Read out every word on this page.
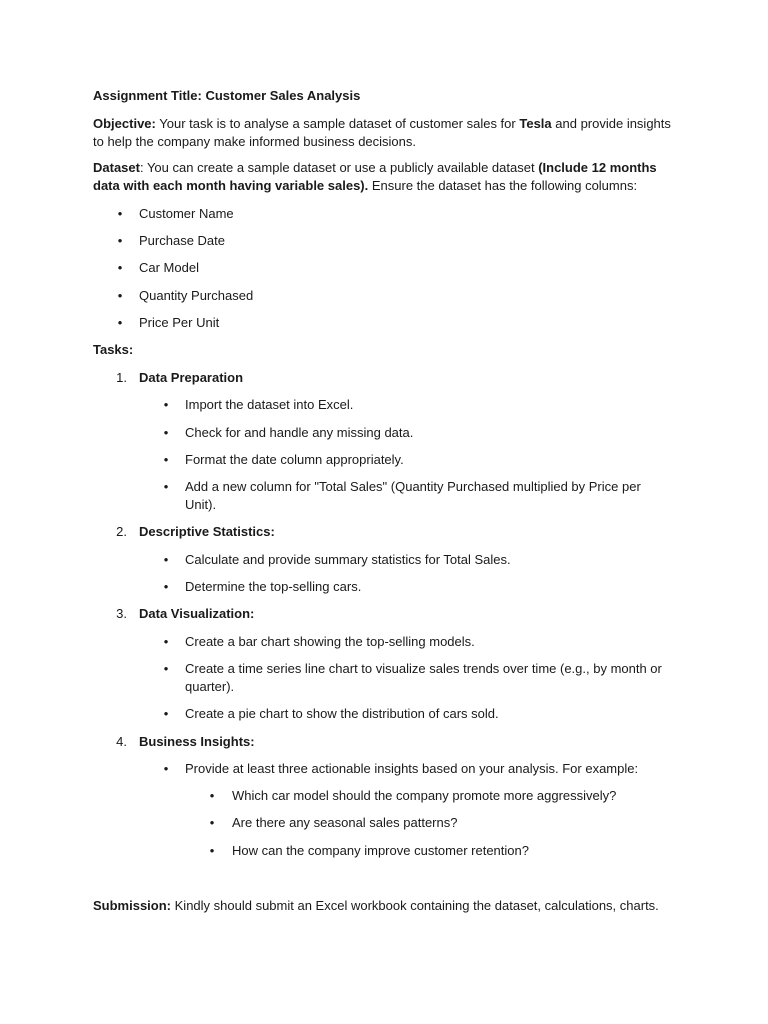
Assignment Title: Customer Sales Analysis
Objective: Your task is to analyse a sample dataset of customer sales for Tesla and provide insights
to help the company make informed business decisions.
Dataset: You can create a sample dataset or use a publicly available dataset (Include 12 months
data with each month having variable sales). Ensure the dataset has the following columns:
•	Customer Name
•	Purchase Date
•	Car Model
•	Quantity Purchased
•	Price Per Unit
Tasks:
1. Data Preparation
•	Import the dataset into Excel.
•	Check for and handle any missing data.
•	Format the date column appropriately.
•	Add a new column for "Total Sales" (Quantity Purchased multiplied by Price per Unit).
2. Descriptive Statistics:
•	Calculate and provide summary statistics for Total Sales.
•	Determine the top-selling cars.
3. Data Visualization:
•	Create a bar chart showing the top-selling models.
•	Create a time series line chart to visualize sales trends over time (e.g., by month or quarter).
•	Create a pie chart to show the distribution of cars sold.
4. Business Insights:
•	Provide at least three actionable insights based on your analysis. For example:
•	Which car model should the company promote more aggressively?
•	Are there any seasonal sales patterns?
•	How can the company improve customer retention?
Submission: Kindly should submit an Excel workbook containing the dataset, calculations, charts.
